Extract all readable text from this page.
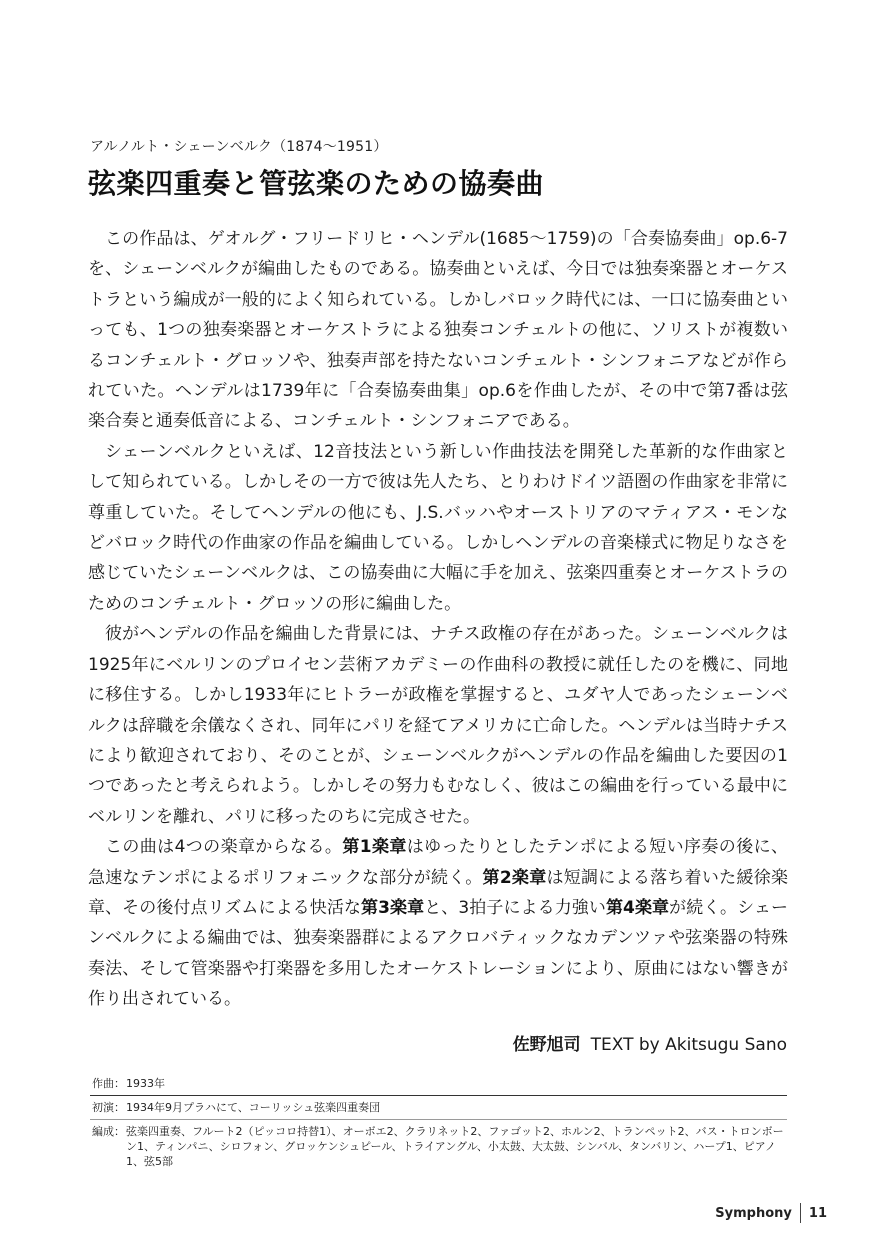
アルノルト・シェーンベルク（1874～1951）
弦楽四重奏と管弦楽のための協奏曲

この作品は、ゲオルグ・フリードリヒ・ヘンデル(1685～1759)の「合奏協奏曲」op.6-7を、シェーンベルクが編曲したものである。協奏曲といえば、今日では独奏楽器とオーケストラという編成が一般的によく知られている。しかしバロック時代には、一口に協奏曲といっても、1つの独奏楽器とオーケストラによる独奏コンチェルトの他に、ソリストが複数いるコンチェルト・グロッソや、独奏声部を持たないコンチェルト・シンフォニアなどが作られていた。ヘンデルは1739年に「合奏協奏曲集」op.6を作曲したが、その中で第7番は弦楽合奏と通奏低音による、コンチェルト・シンフォニアである。

シェーンベルクといえば、12音技法という新しい作曲技法を開発した革新的な作曲家として知られている。しかしその一方で彼は先人たち、とりわけドイツ語圏の作曲家を非常に尊重していた。そしてヘンデルの他にも、J.S.バッハやオーストリアのマティアス・モンなどバロック時代の作曲家の作品を編曲している。しかしヘンデルの音楽様式に物足りなさを感じていたシェーンベルクは、この協奏曲に大幅に手を加え、弦楽四重奏とオーケストラのためのコンチェルト・グロッソの形に編曲した。

彼がヘンデルの作品を編曲した背景には、ナチス政権の存在があった。シェーンベルクは1925年にベルリンのプロイセン芸術アカデミーの作曲科の教授に就任したのを機に、同地に移住する。しかし1933年にヒトラーが政権を掌握すると、ユダヤ人であったシェーンベルクは辞職を余儀なくされ、同年にパリを経てアメリカに亡命した。ヘンデルは当時ナチスにより歓迎されており、そのことが、シェーンベルクがヘンデルの作品を編曲した要因の1つであったと考えられよう。しかしその努力もむなしく、彼はこの編曲を行っている最中にベルリンを離れ、パリに移ったのちに完成させた。

この曲は4つの楽章からなる。第1楽章はゆったりとしたテンポによる短い序奏の後に、急速なテンポによるポリフォニックな部分が続く。第2楽章は短調による落ち着いた緩徐楽章、その後付点リズムによる快活な第3楽章と、3拍子による力強い第4楽章が続く。シェーンベルクによる編曲では、独奏楽器群によるアクロバティックなカデンツァや弦楽器の特殊奏法、そして管楽器や打楽器を多用したオーケストレーションにより、原曲にはない響きが作り出されている。

佐野旭司 TEXT by Akitsugu Sano
作曲： 1933年
初演： 1934年9月プラハにて、コーリッシュ弦楽四重奏団
編成： 弦楽四重奏、フルート2（ピッコロ持替1）、オーボエ2、クラリネット2、ファゴット2、ホルン2、トランペット2、バス・トロンボーン1、ティンパニ、シロフォン、グロッケンシュピール、トライアングル、小太鼓、大太鼓、シンバル、タンバリン、ハープ1、ピアノ1、弦5部
Symphony 11
